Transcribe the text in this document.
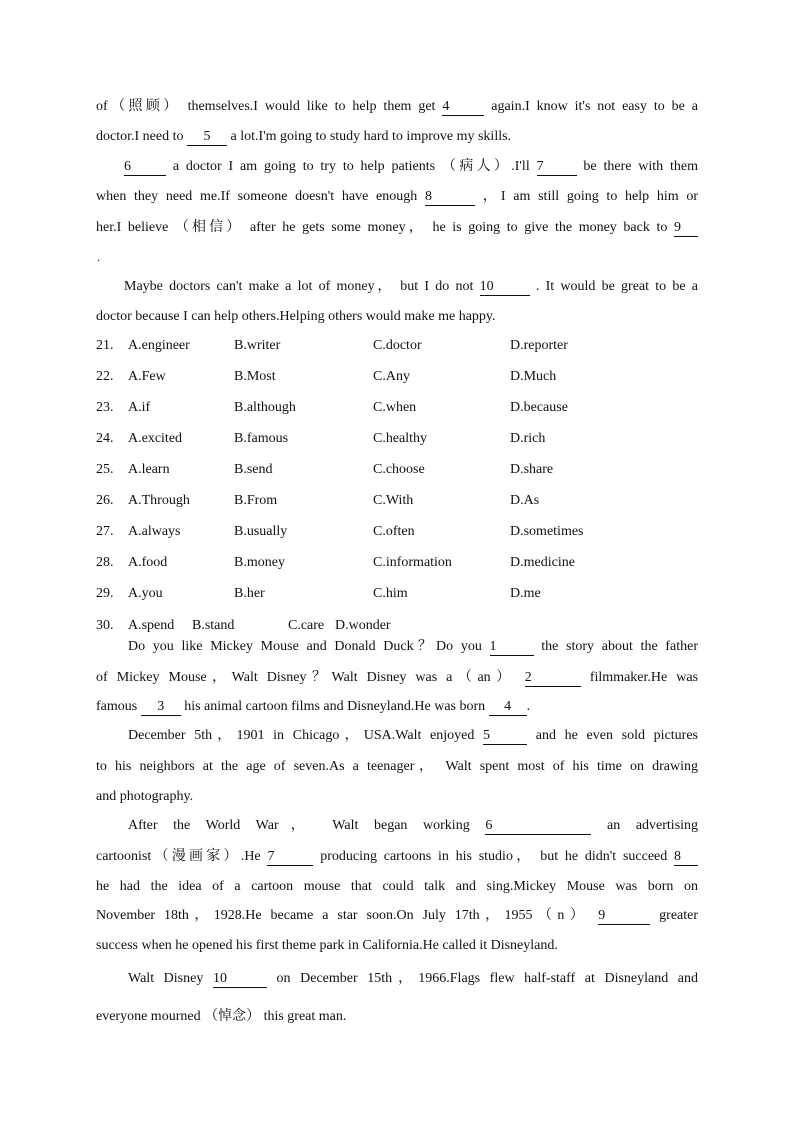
of（照顾） themselves.I would like to help them get 4	again.I know it's not easy to be a
doctor.I need to 5 a lot.I'm going to study hard to improve my skills.
6	a doctor I am going to try to help patients （病人）.I'll 7	be there with them
when they need me.If someone doesn't have enough 8	，I am still going to help him or
her.I believe （相信） after he gets some money， he is going to give the money back to 9
.
Maybe doctors can't make a lot of money， but I do not 10	. It would be great to be a
doctor because I can help others.Helping others would make me happy.
21. A.engineer	B.writer	C.doctor	D.reporter
22. A.Few	B.Most	C.Any	D.Much
23. A.if	B.although	C.when	D.because
24. A.excited	B.famous	C.healthy	D.rich
25. A.learn	B.send	C.choose	D.share
26. A.Through	B.From	C.With	D.As
27. A.always	B.usually	C.often	D.sometimes
28. A.food	B.money	C.information	D.medicine
29. A.you	B.her	C.him	D.me
30. A.spend B.stand	C.care D.wonder
Do you like Mickey Mouse and Donald Duck？Do you 1	the story about the father
of Mickey Mouse，Walt Disney？Walt Disney was a（an） 2	filmmaker.He was
famous 3 his animal cartoon films and Disneyland.He was born 4 .
December 5th，1901 in Chicago，USA.Walt enjoyed 5	and he even sold pictures
to his neighbors at the age of seven.As a teenager， Walt spent most of his time on drawing
and photography.
After the World War， Walt began working 6	an advertising
cartoonist（漫画家）.He 7	producing cartoons in his studio， but he didn't succeed 8
he had the idea of a cartoon mouse that could talk and sing.Mickey Mouse was born on
November 18th，1928.He became a star soon.On July 17th，1955（n） 9	greater
success when he opened his first theme park in California.He called it Disneyland.
Walt Disney 10	on December 15th，1966.Flags flew half-staff at Disneyland and
everyone mourned （悼念） this great man.
